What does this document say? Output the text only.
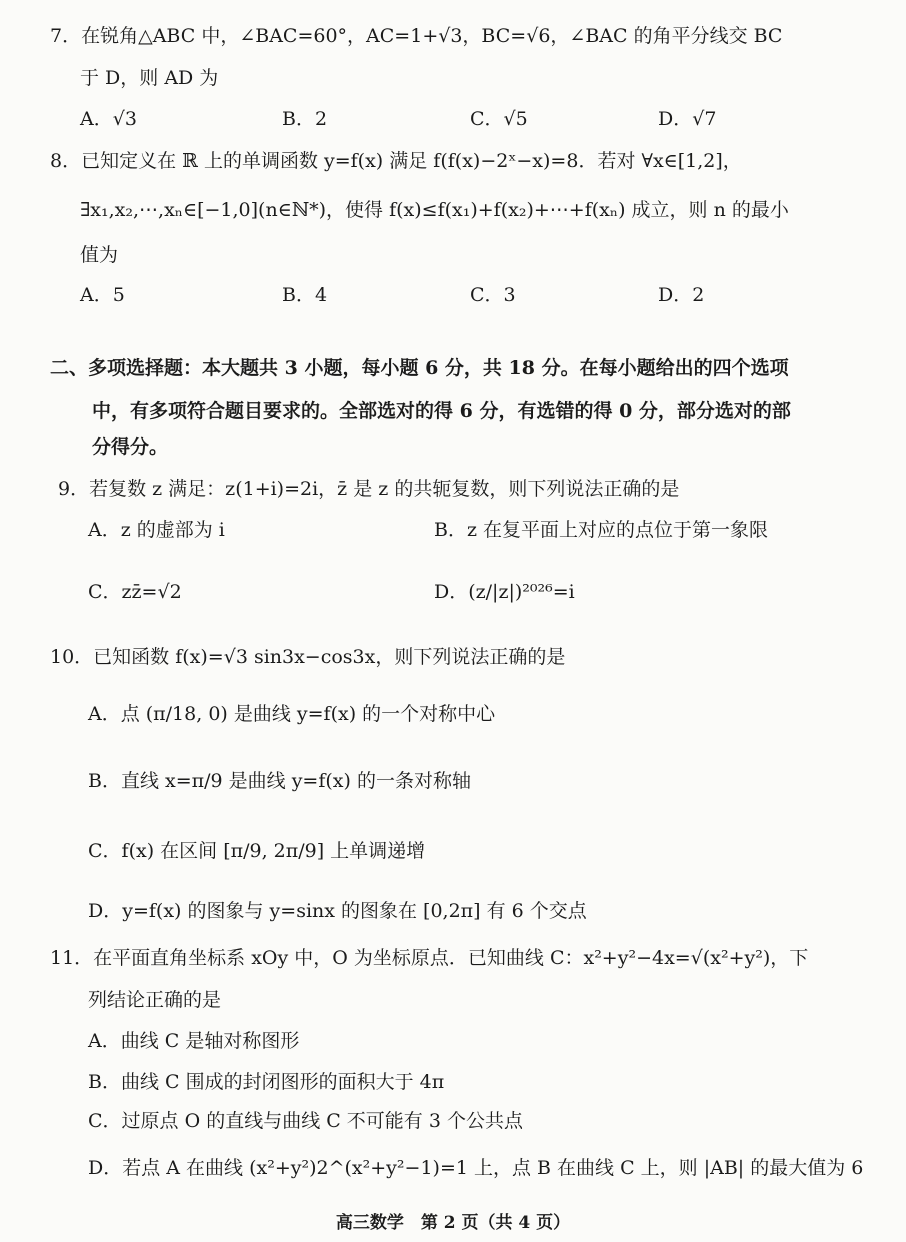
7．在锐角△ABC 中，∠BAC=60°，AC=1+√3，BC=√6，∠BAC 的角平分线交 BC
于 D，则 AD 为
A．√3	B．2	C．√5	D．√7
8．已知定义在 ℝ 上的单调函数 y=f(x) 满足 f(f(x)−2ˣ−x)=8．若对 ∀x∈[1,2]，
∃x₁,x₂,⋯,xₙ∈[−1,0](n∈ℕ*)，使得 f(x)≤f(x₁)+f(x₂)+⋯+f(xₙ) 成立，则 n 的最小
值为
A．5	B．4	C．3	D．2
二、多项选择题：本大题共 3 小题，每小题 6 分，共 18 分。在每小题给出的四个选项
中，有多项符合题目要求的。全部选对的得 6 分，有选错的得 0 分，部分选对的部
分得分。
9．若复数 z 满足：z(1+i)=2i，z̄ 是 z 的共轭复数，则下列说法正确的是
A．z 的虚部为 i	B．z 在复平面上对应的点位于第一象限
C．zz̄=√2	D．(z/|z|)²⁰²⁶=i
10．已知函数 f(x)=√3 sin3x−cos3x，则下列说法正确的是
A．点 (π/18, 0) 是曲线 y=f(x) 的一个对称中心
B．直线 x=π/9 是曲线 y=f(x) 的一条对称轴
C．f(x) 在区间 [π/9, 2π/9] 上单调递增
D．y=f(x) 的图象与 y=sinx 的图象在 [0,2π] 有 6 个交点
11．在平面直角坐标系 xOy 中，O 为坐标原点．已知曲线 C：x²+y²−4x=√(x²+y²)，下
列结论正确的是
A．曲线 C 是轴对称图形
B．曲线 C 围成的封闭图形的面积大于 4π
C．过原点 O 的直线与曲线 C 不可能有 3 个公共点
D．若点 A 在曲线 (x²+y²)2^(x²+y²−1)=1 上，点 B 在曲线 C 上，则 |AB| 的最大值为 6
高三数学　第 2 页（共 4 页）
